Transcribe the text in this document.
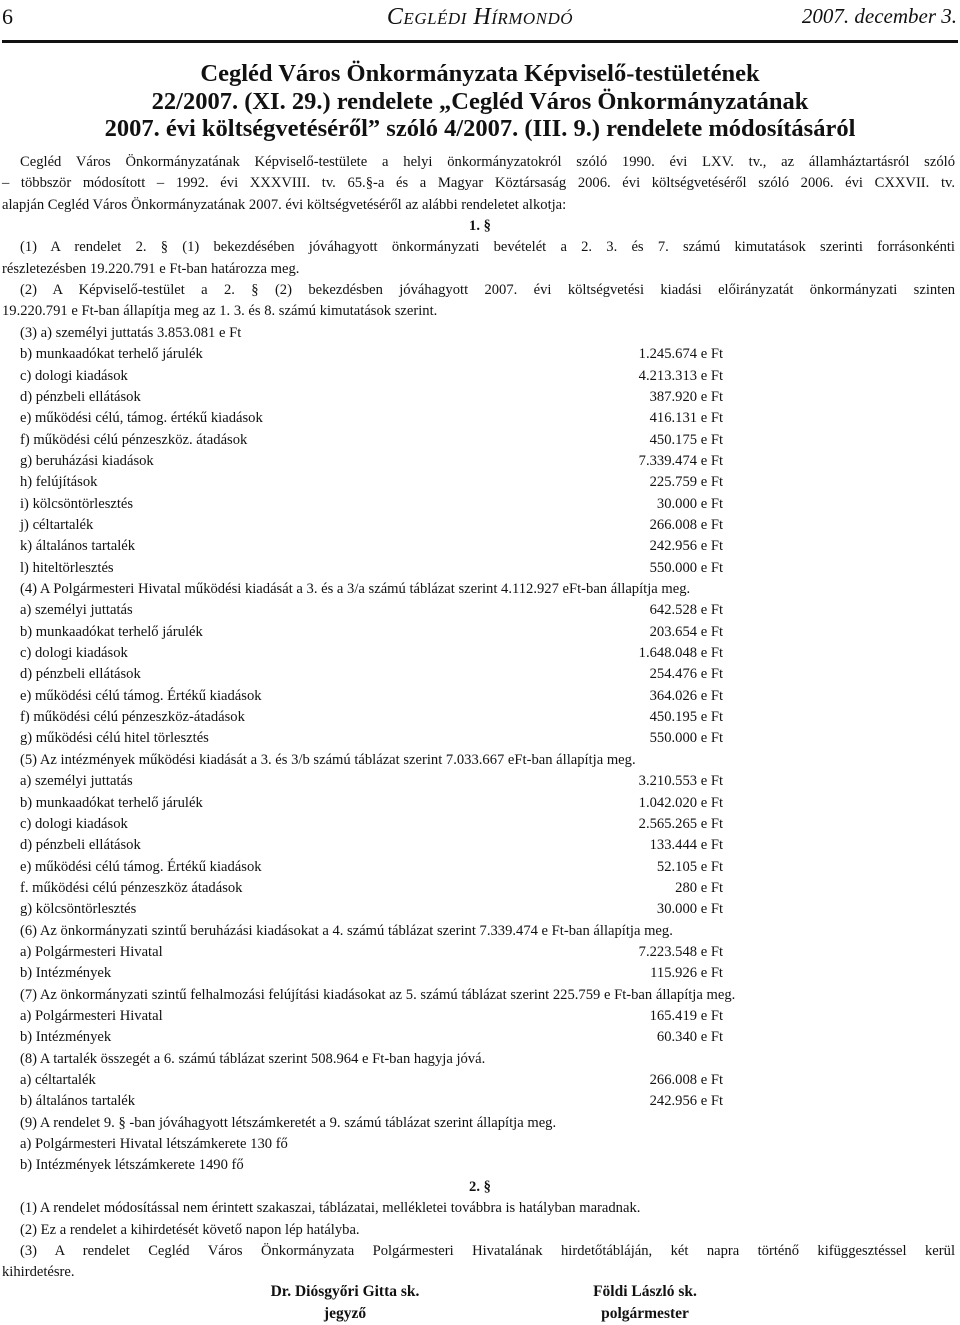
6	Ceglédi Hírmondó	2007. december 3.
Cegléd Város Önkormányzata Képviselő-testületének
22/2007. (XI. 29.) rendelete „Cegléd Város Önkormányzatának
2007. évi költségvetéséről” szóló 4/2007. (III. 9.) rendelete módosításáról
Cegléd Város Önkormányzatának Képviselő-testülete a helyi önkormányzatokról szóló 1990. évi LXV. tv., az államháztartásról szóló
– többször módosított – 1992. évi XXXVIII. tv. 65.§-a és a Magyar Köztársaság 2006. évi költségvetéséről szóló 2006. évi CXXVII. tv.
alapján Cegléd Város Önkormányzatának 2007. évi költségvetéséről az alábbi rendeletet alkotja:
1. §
(1) A rendelet 2. § (1) bekezdésében jóváhagyott önkormányzati bevételét a 2. 3. és 7. számú kimutatások szerinti forrásonkénti
részletezésben 19.220.791 e Ft-ban határozza meg.
(2) A Képviselő-testület a 2. § (2) bekezdésben jóváhagyott 2007. évi költségvetési kiadási előirányzatát önkormányzati szinten
19.220.791 e Ft-ban állapítja meg az 1. 3. és 8. számú kimutatások szerint.
(3) a) személyi juttatás 3.853.081 e Ft
b) munkaadókat terhelő járulék	1.245.674 e Ft
c) dologi kiadások	4.213.313 e Ft
d) pénzbeli ellátások	387.920 e Ft
e) működési célú, támog. értékű kiadások	416.131 e Ft
f) működési célú pénzeszköz. átadások	450.175 e Ft
g) beruházási kiadások	7.339.474 e Ft
h) felújítások	225.759 e Ft
i) kölcsöntörlesztés	30.000 e Ft
j) céltartalék	266.008 e Ft
k) általános tartalék	242.956 e Ft
l) hiteltörlesztés	550.000 e Ft
(4) A Polgármesteri Hivatal működési kiadását a 3. és a 3/a számú táblázat szerint 4.112.927 eFt-ban állapítja meg.
a) személyi juttatás	642.528 e Ft
b) munkaadókat terhelő járulék	203.654 e Ft
c) dologi kiadások	1.648.048 e Ft
d) pénzbeli ellátások	254.476 e Ft
e) működési célú támog. Értékű kiadások	364.026 e Ft
f) működési célú pénzeszköz-átadások	450.195 e Ft
g) működési célú hitel törlesztés	550.000 e Ft
(5) Az intézmények működési kiadását a 3. és 3/b számú táblázat szerint 7.033.667 eFt-ban állapítja meg.
a) személyi juttatás	3.210.553 e Ft
b) munkaadókat terhelő járulék	1.042.020 e Ft
c) dologi kiadások	2.565.265 e Ft
d) pénzbeli ellátások	133.444 e Ft
e) működési célú támog. Értékű kiadások	52.105 e Ft
f. működési célú pénzeszköz átadások	280 e Ft
g) kölcsöntörlesztés	30.000 e Ft
(6) Az önkormányzati szintű beruházási kiadásokat a 4. számú táblázat szerint 7.339.474 e Ft-ban állapítja meg.
a) Polgármesteri Hivatal	7.223.548 e Ft
b) Intézmények	115.926 e Ft
(7) Az önkormányzati szintű felhalmozási felújítási kiadásokat az 5. számú táblázat szerint 225.759 e Ft-ban állapítja meg.
a) Polgármesteri Hivatal	165.419 e Ft
b) Intézmények	60.340 e Ft
(8) A tartalék összegét a 6. számú táblázat szerint 508.964 e Ft-ban hagyja jóvá.
a) céltartalék	266.008 e Ft
b) általános tartalék	242.956 e Ft
(9) A rendelet 9. § -ban jóváhagyott létszámkeretét a 9. számú táblázat szerint állapítja meg.
a) Polgármesteri Hivatal létszámkerete 130 fő
b) Intézmények létszámkerete 1490 fő
2. §
(1) A rendelet módosítással nem érintett szakaszai, táblázatai, mellékletei továbbra is hatályban maradnak.
(2) Ez a rendelet a kihirdetését követő napon lép hatályba.
(3) A rendelet Cegléd Város Önkormányzata Polgármesteri Hivatalának hirdetőtábláján, két napra történő kifüggesztéssel kerül
kihirdetésre.
Dr. Diósgyőri Gitta sk.
jegyző
Földi László sk.
polgármester
